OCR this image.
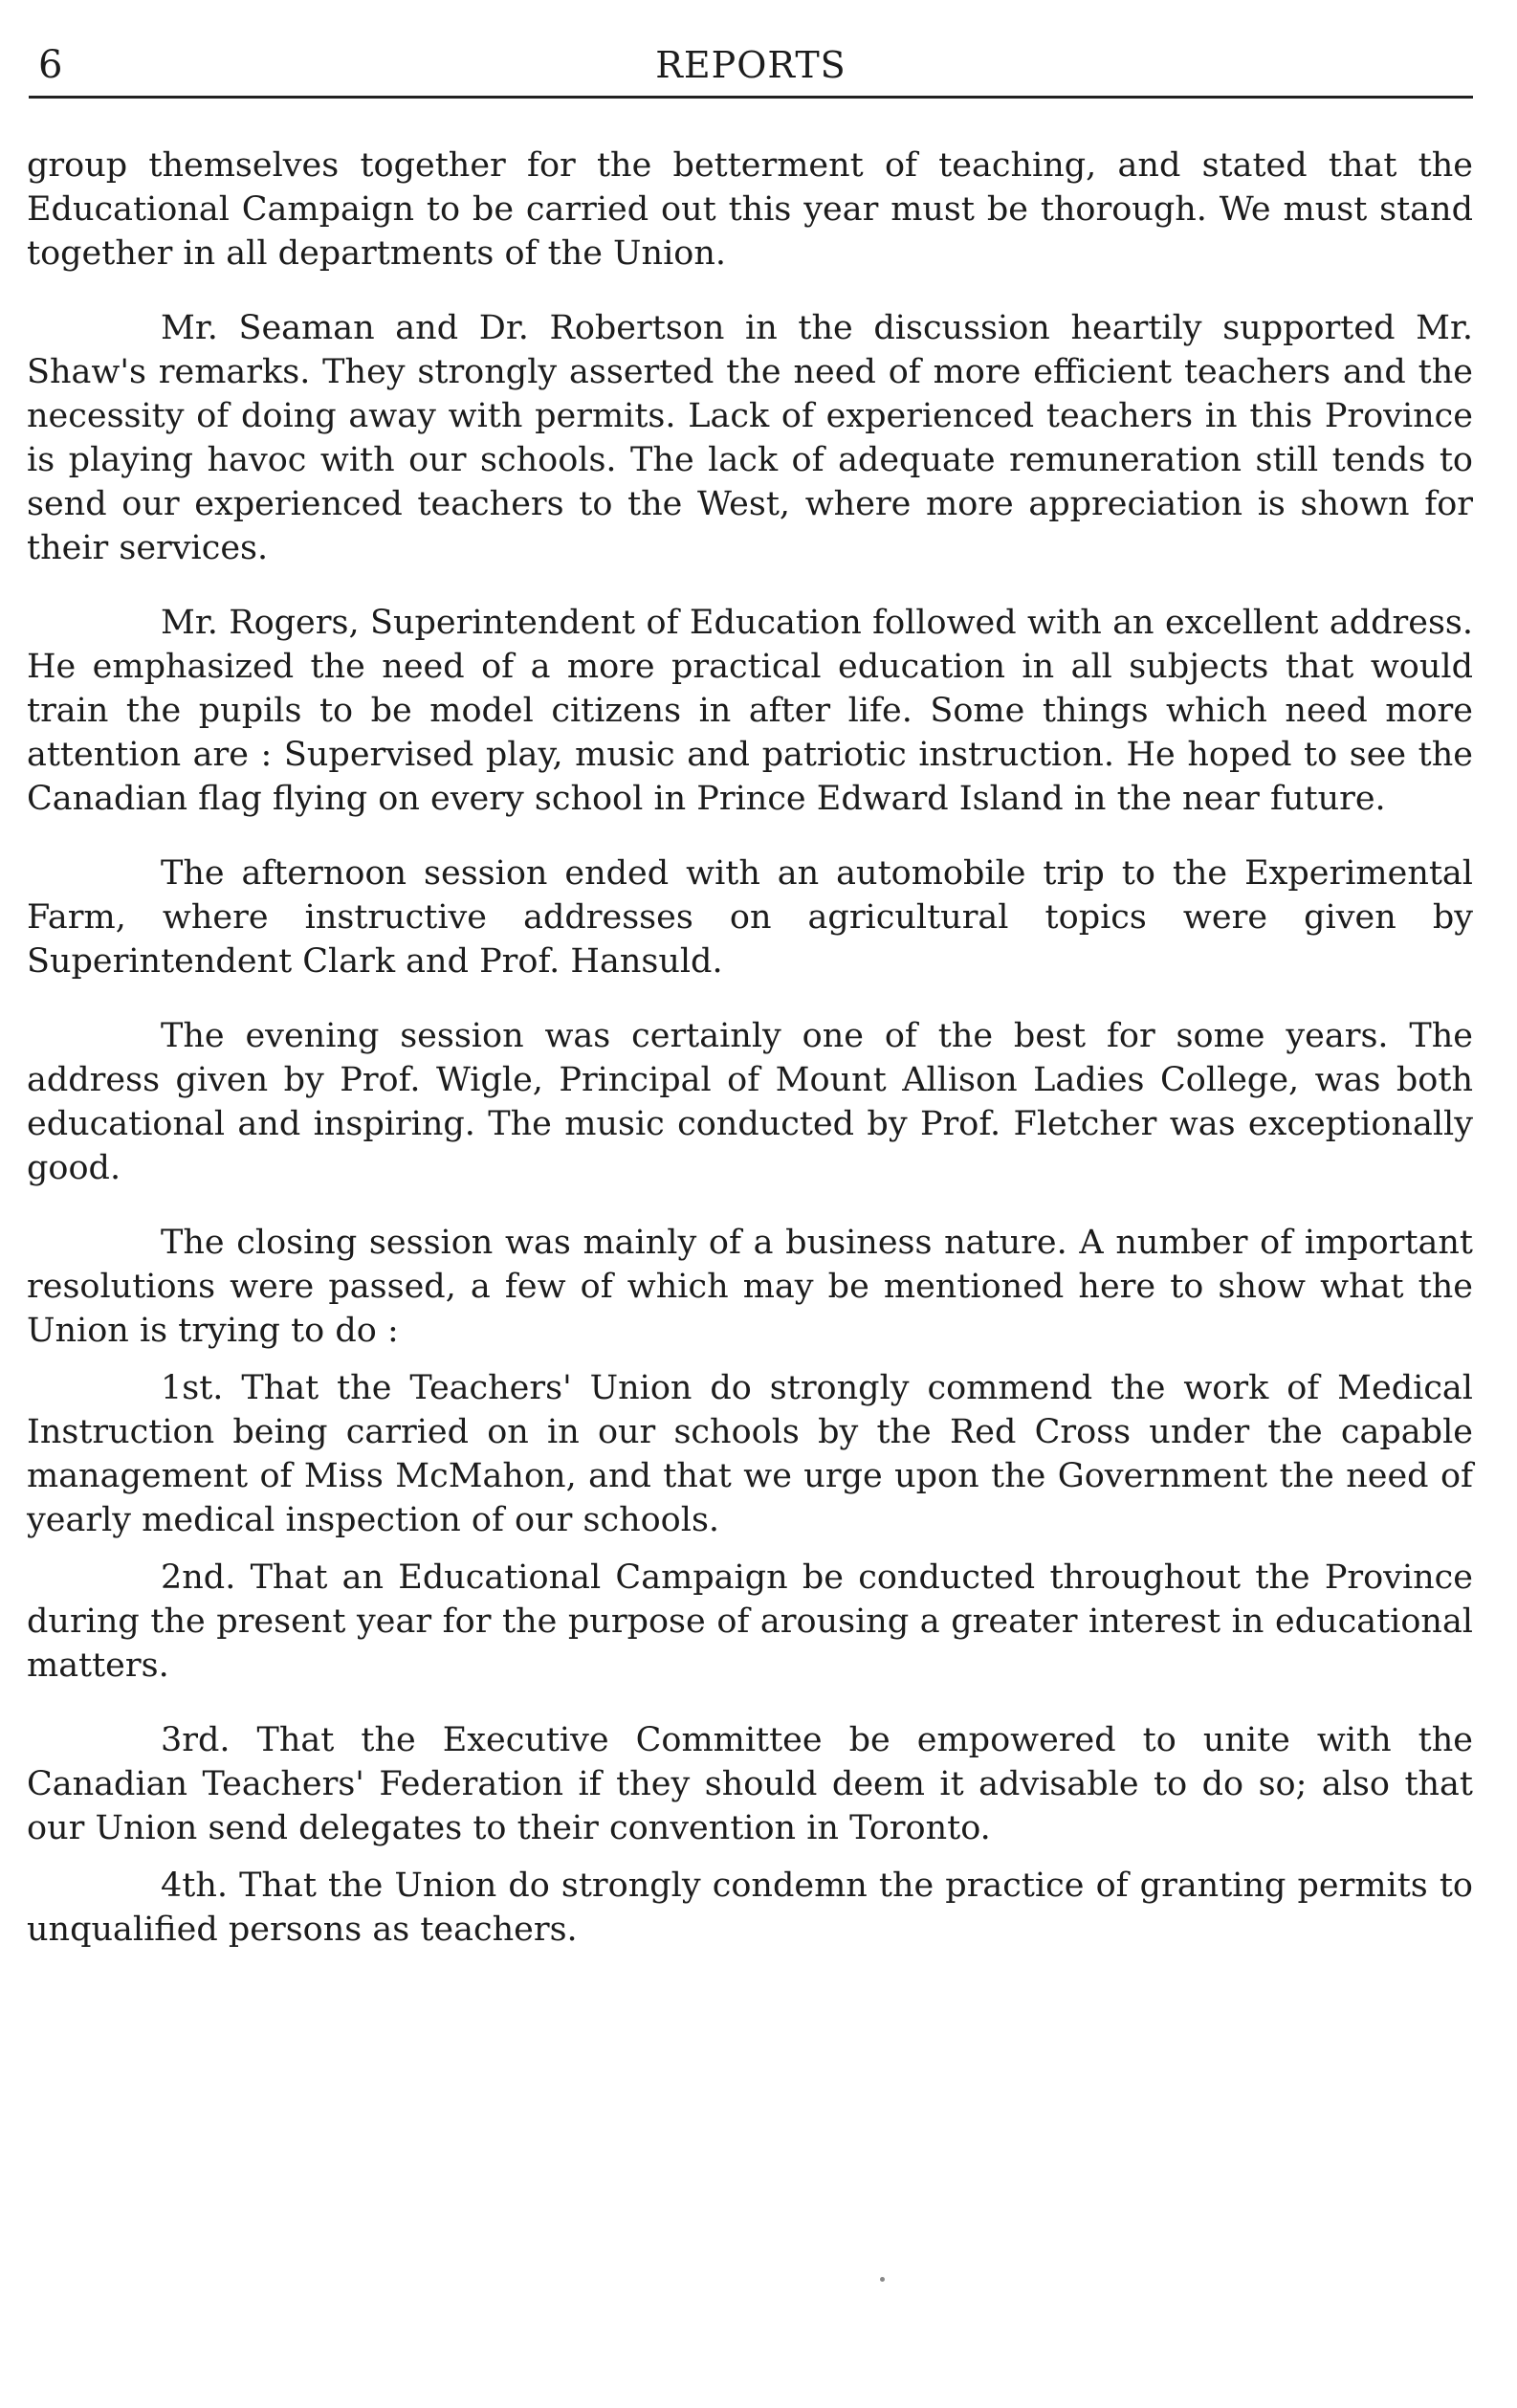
6	REPORTS

group themselves together for the betterment of teaching, and stated that the Educational Campaign to be carried out this year must be thorough. We must stand together in all departments of the Union.

Mr. Seaman and Dr. Robertson in the discussion heartily supported Mr. Shaw's remarks. They strongly asserted the need of more efficient teachers and the necessity of doing away with permits. Lack of experienced teachers in this Province is playing havoc with our schools. The lack of adequate remuneration still tends to send our experienced teachers to the West, where more appreciation is shown for their services.

Mr. Rogers, Superintendent of Education followed with an excellent address. He emphasized the need of a more practical education in all subjects that would train the pupils to be model citizens in after life. Some things which need more attention are : Supervised play, music and patriotic instruction. He hoped to see the Canadian flag flying on every school in Prince Edward Island in the near future.

The afternoon session ended with an automobile trip to the Experimental Farm, where instructive addresses on agricultural topics were given by Superintendent Clark and Prof. Hansuld.

The evening session was certainly one of the best for some years. The address given by Prof. Wigle, Principal of Mount Allison Ladies College, was both educational and inspiring. The music conducted by Prof. Fletcher was exceptionally good.

The closing session was mainly of a business nature. A number of important resolutions were passed, a few of which may be mentioned here to show what the Union is trying to do :

1st. That the Teachers' Union do strongly commend the work of Medical Instruction being carried on in our schools by the Red Cross under the capable management of Miss McMahon, and that we urge upon the Government the need of yearly medical inspection of our schools.

2nd. That an Educational Campaign be conducted throughout the Province during the present year for the purpose of arousing a greater interest in educational matters.

3rd. That the Executive Committee be empowered to unite with the Canadian Teachers' Federation if they should deem it advisable to do so; also that our Union send delegates to their convention in Toronto.

4th. That the Union do strongly condemn the practice of granting permits to unqualified persons as teachers.
